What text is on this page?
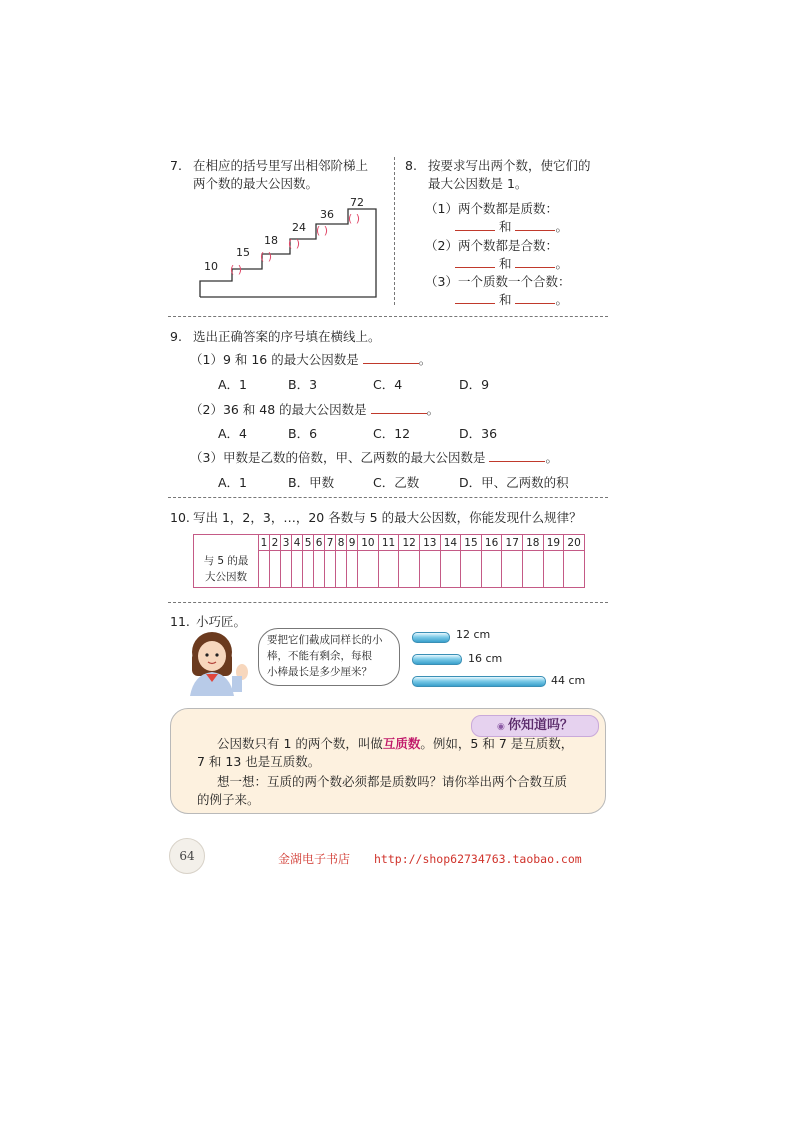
7. 在相应的括号里写出相邻阶梯上
两个数的最大公因数。
10
15
( )
18
( )
24
( )
36
( )
72
( )
8. 按要求写出两个数，使它们的
最大公因数是 1。
（1）两个数都是质数：
和	。
（2）两个数都是合数：
和	。
（3）一个质数一个合数：
和	。
9. 选出正确答案的序号填在横线上。
（1）9 和 16 的最大公因数是	。
A．1	B．3	C．4	D．9
（2）36 和 48 的最大公因数是	。
A．4	B．6	C．12	D．36
（3）甲数是乙数的倍数，甲、乙两数的最大公因数是	。
A．1	B．甲数	C．乙数	D．甲、乙两数的积
10. 写出 1，2，3，…，20 各数与 5 的最大公因数，你能发现什么规律？
	1	2	3	4	5	6	7	8	9	10	11	12	13	14	15	16	17	18	19	20
与 5 的最
大公因数																				
11. 小巧匠。
要把它们截成同样长的小
棒，不能有剩余，每根
小棒最长是多少厘米？
12 cm
16 cm
44 cm
◉ 你知道吗？
公因数只有 1 的两个数，叫做互质数。例如，5 和 7 是互质数，
7 和 13 也是互质数。
想一想：互质的两个数必须都是质数吗？请你举出两个合数互质
的例子来。
64	金湖电子书店 http://shop62734763.taobao.com
